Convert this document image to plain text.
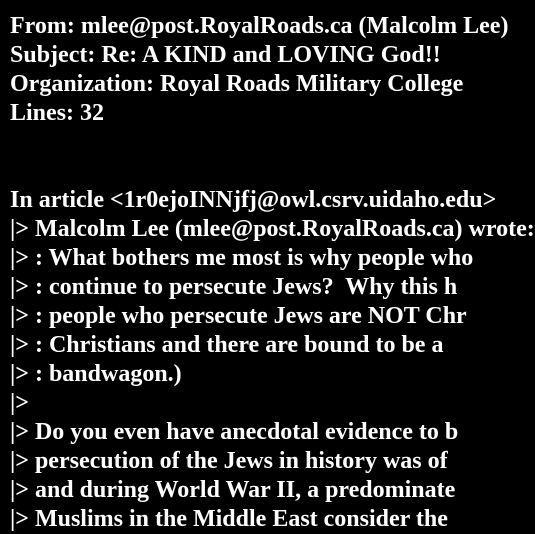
From: mlee@post.RoyalRoads.ca (Malcolm Lee)
Subject: Re: A KIND and LOVING God!!
Organization: Royal Roads Military College
Lines: 32
In article <1r0ejoINNjfj@owl.csrv.uidaho.edu>
|> Malcolm Lee (mlee@post.RoyalRoads.ca) wrote:
|> : What bothers me most is why people who
|> : continue to persecute Jews?  Why this h
|> : people who persecute Jews are NOT Chr
|> : Christians and there are bound to be a
|> : bandwagon.)
|>
|> Do you even have anecdotal evidence to b
|> persecution of the Jews in history was of
|> and during World War II, a predominate
|> Muslims in the Middle East consider the
